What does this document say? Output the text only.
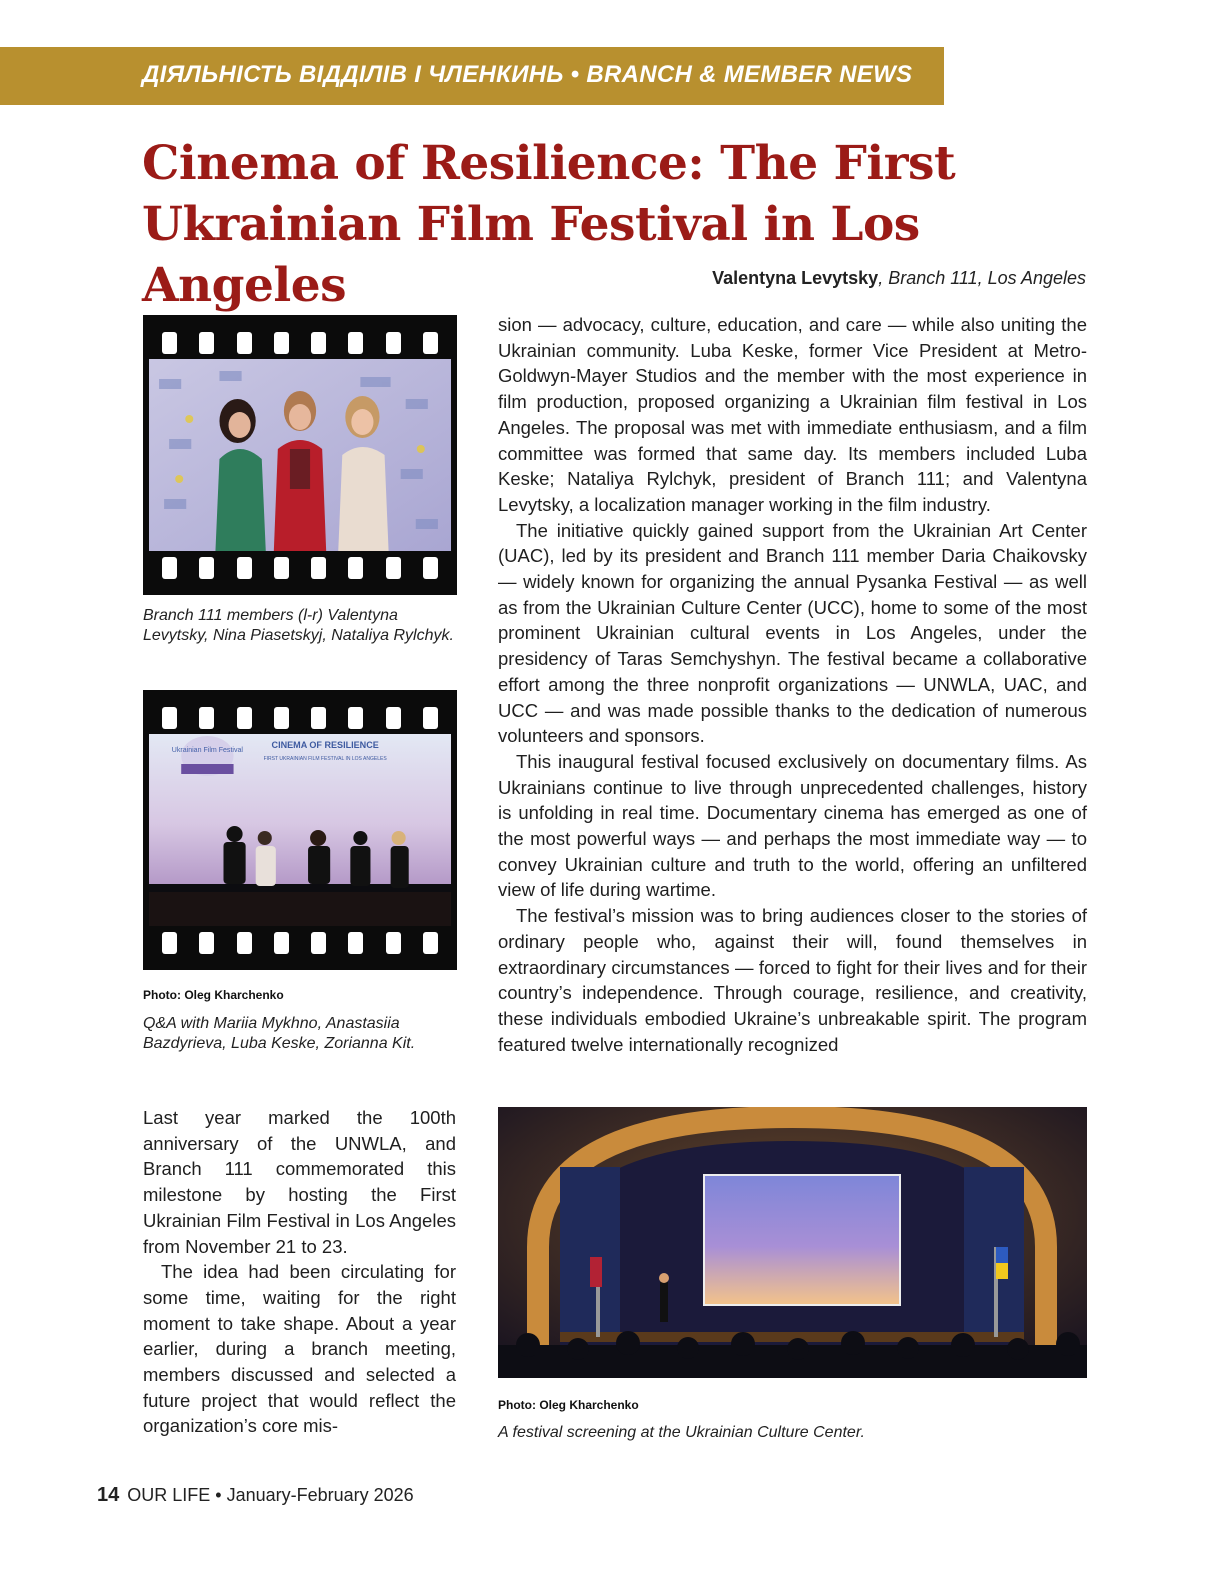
ДІЯЛЬНІСТЬ ВІДДІЛІВ І ЧЛЕНКИНЬ • BRANCH & MEMBER NEWS
Cinema of Resilience: The First Ukrainian Film Festival in Los Angeles	Valentyna Levytsky, Branch 111, Los Angeles
Branch 111 members (l-r) Valentyna Levytsky, Nina Piasetskyj, Nataliya Rylchyk.
Ukrainian Film Festival
CINEMA OF RESILIENCE
FIRST UKRAINIAN FILM FESTIVAL IN LOS ANGELES
Photo: Oleg Kharchenko
Q&A with Mariia Mykhno, Anastasiia Bazdyrieva, Luba Keske, Zorianna Kit.

Last year marked the 100th anniversary of the UNWLA, and Branch 111 commemorated this milestone by hosting the First Ukrainian Film Festival in Los Angeles from November 21 to 23.

The idea had been circulating for some time, waiting for the right moment to take shape. About a year earlier, during a branch meeting, members discussed and selected a future project that would reflect the organization’s core mis-

sion — advocacy, culture, education, and care — while also uniting the Ukrainian community. Luba Keske, former Vice President at Metro-Goldwyn-Mayer Studios and the member with the most experience in film production, proposed organizing a Ukrainian film festival in Los Angeles. The proposal was met with immediate enthusiasm, and a film committee was formed that same day. Its members included Luba Keske; Nataliya Rylchyk, president of Branch 111; and Valentyna Levytsky, a localization manager working in the film industry.

The initiative quickly gained support from the Ukrainian Art Center (UAC), led by its president and Branch 111 member Daria Chaikovsky — widely known for organizing the annual Pysanka Festival — as well as from the Ukrainian Culture Center (UCC), home to some of the most prominent Ukrainian cultural events in Los Angeles, under the presidency of Taras Semchyshyn. The festival became a collaborative effort among the three nonprofit organizations — UNWLA, UAC, and UCC — and was made possible thanks to the dedication of numerous volunteers and sponsors.

This inaugural festival focused exclusively on documentary films. As Ukrainians continue to live through unprecedented challenges, history is unfolding in real time. Documentary cinema has emerged as one of the most powerful ways — and perhaps the most immediate way — to convey Ukrainian culture and truth to the world, offering an unfiltered view of life during wartime.

The festival’s mission was to bring audiences closer to the stories of ordinary people who, against their will, found themselves in extraordinary circumstances — forced to fight for their lives and for their country’s independence. Through courage, resilience, and creativity, these individuals embodied Ukraine’s unbreakable spirit. The program featured twelve internationally recognized

Photo: Oleg Kharchenko
A festival screening at the Ukrainian Culture Center.
14 OUR LIFE • January-February 2026
